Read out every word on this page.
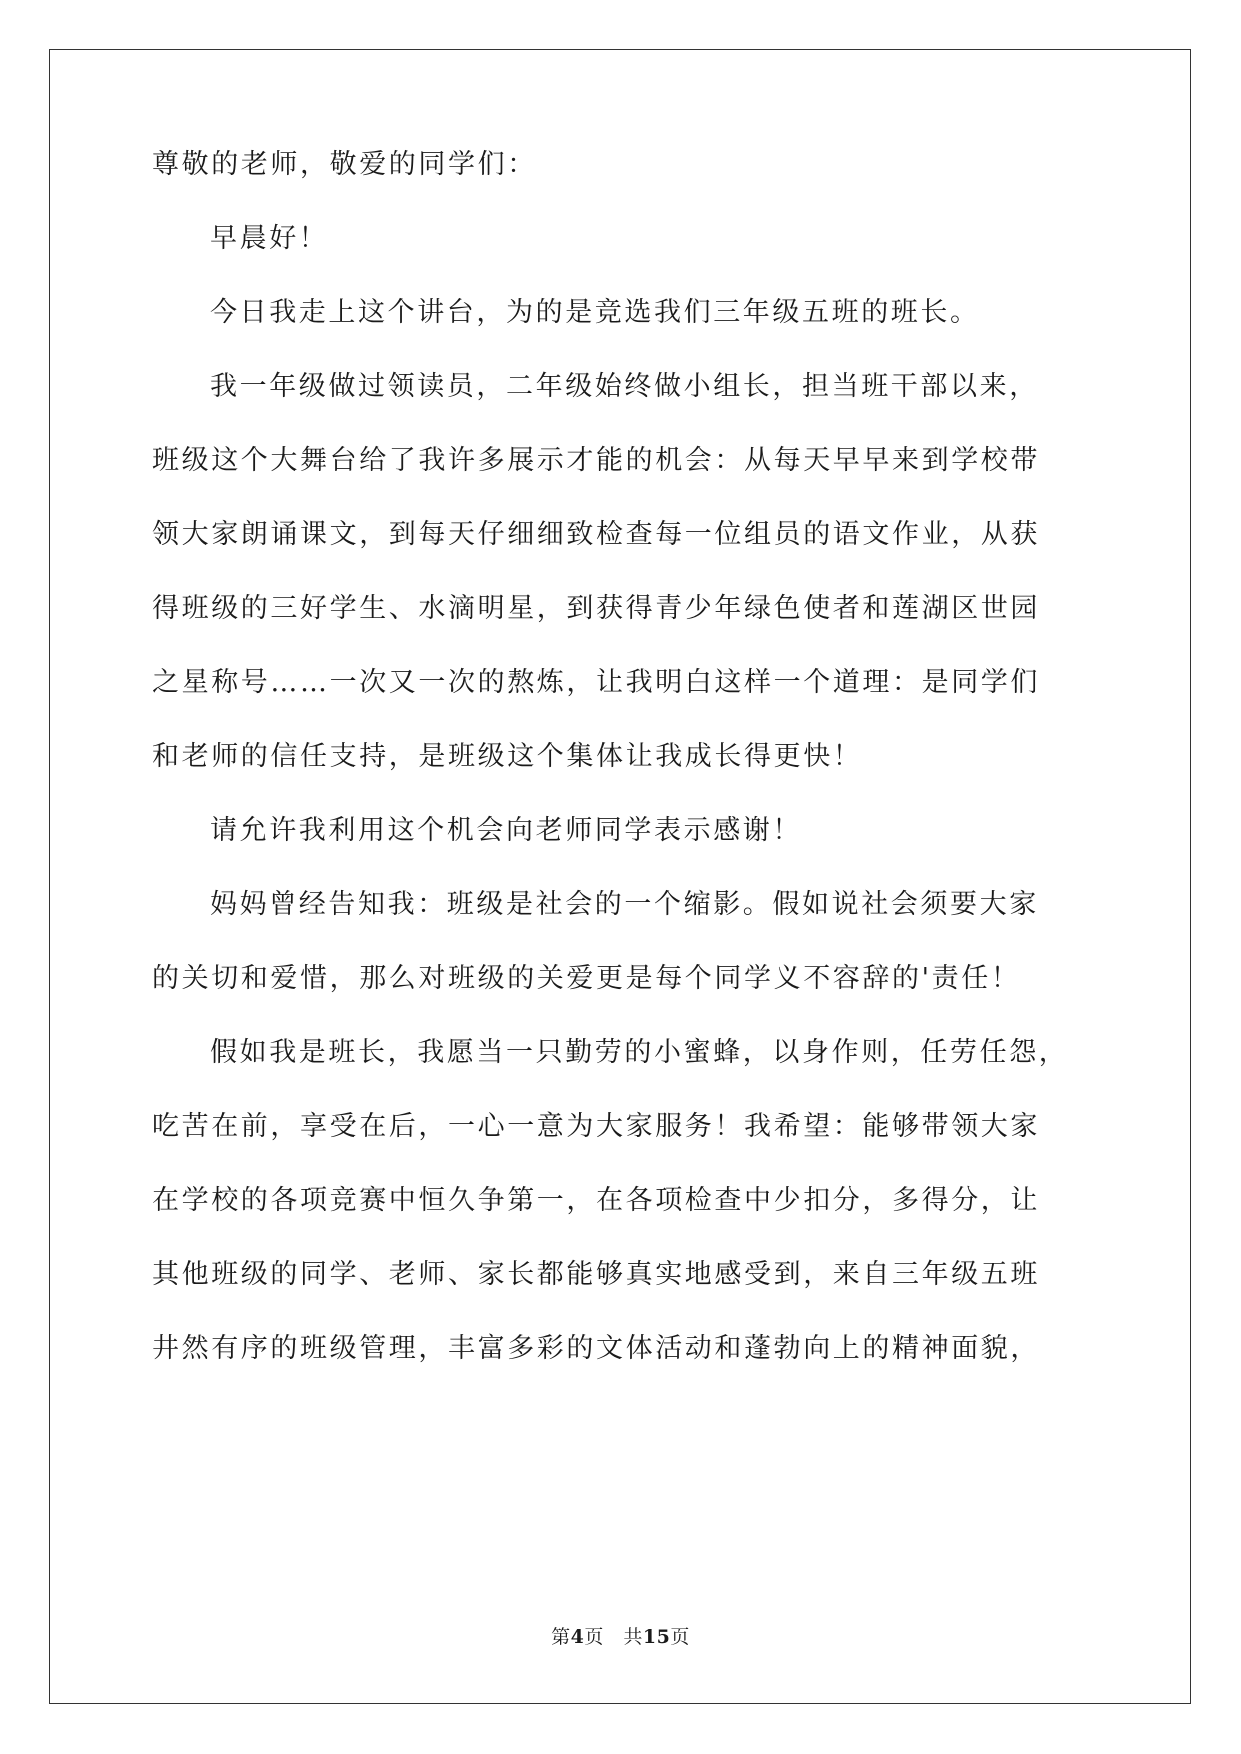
尊敬的老师，敬爱的同学们：
早晨好！
今日我走上这个讲台，为的是竞选我们三年级五班的班长。
我一年级做过领读员，二年级始终做小组长，担当班干部以来，
班级这个大舞台给了我许多展示才能的机会：从每天早早来到学校带
领大家朗诵课文，到每天仔细细致检查每一位组员的语文作业，从获
得班级的三好学生、水滴明星，到获得青少年绿色使者和莲湖区世园
之星称号……一次又一次的熬炼，让我明白这样一个道理：是同学们
和老师的信任支持，是班级这个集体让我成长得更快！
请允许我利用这个机会向老师同学表示感谢！
妈妈曾经告知我：班级是社会的一个缩影。假如说社会须要大家
的关切和爱惜，那么对班级的关爱更是每个同学义不容辞的'责任！
假如我是班长，我愿当一只勤劳的小蜜蜂，以身作则，任劳任怨，
吃苦在前，享受在后，一心一意为大家服务！我希望：能够带领大家
在学校的各项竞赛中恒久争第一，在各项检查中少扣分，多得分，让
其他班级的同学、老师、家长都能够真实地感受到，来自三年级五班
井然有序的班级管理，丰富多彩的文体活动和蓬勃向上的精神面貌，
第4页　共15页
